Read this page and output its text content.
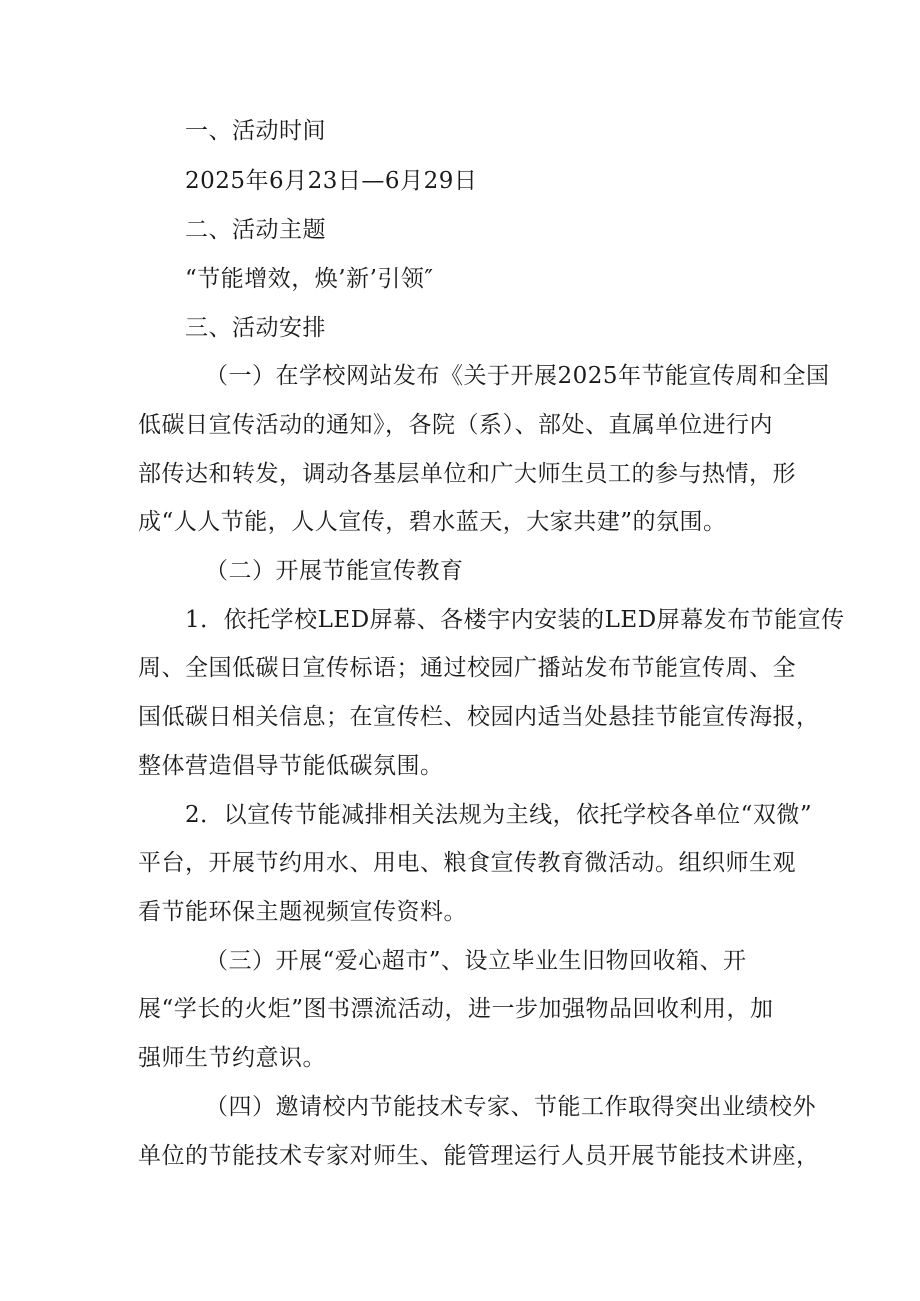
一、活动时间
2025年6月23日—6月29日
二、活动主题
“节能增效，焕’新’引领″
三、活动安排
（一）在学校网站发布《关于开展2025年节能宣传周和全国
低碳日宣传活动的通知》，各院（系）、部处、直属单位进行内
部传达和转发，调动各基层单位和广大师生员工的参与热情，形
成“人人节能，人人宣传，碧水蓝天，大家共建”的氛围。
（二）开展节能宣传教育
1．依托学校LED屏幕、各楼宇内安装的LED屏幕发布节能宣传
周、全国低碳日宣传标语；通过校园广播站发布节能宣传周、全
国低碳日相关信息；在宣传栏、校园内适当处悬挂节能宣传海报，
整体营造倡导节能低碳氛围。
2．以宣传节能减排相关法规为主线，依托学校各单位“双微”
平台，开展节约用水、用电、粮食宣传教育微活动。组织师生观
看节能环保主题视频宣传资料。
（三）开展“爱心超市”、设立毕业生旧物回收箱、开
展“学长的火炬”图书漂流活动，进一步加强物品回收利用，加
强师生节约意识。
（四）邀请校内节能技术专家、节能工作取得突出业绩校外
单位的节能技术专家对师生、能管理运行人员开展节能技术讲座，
